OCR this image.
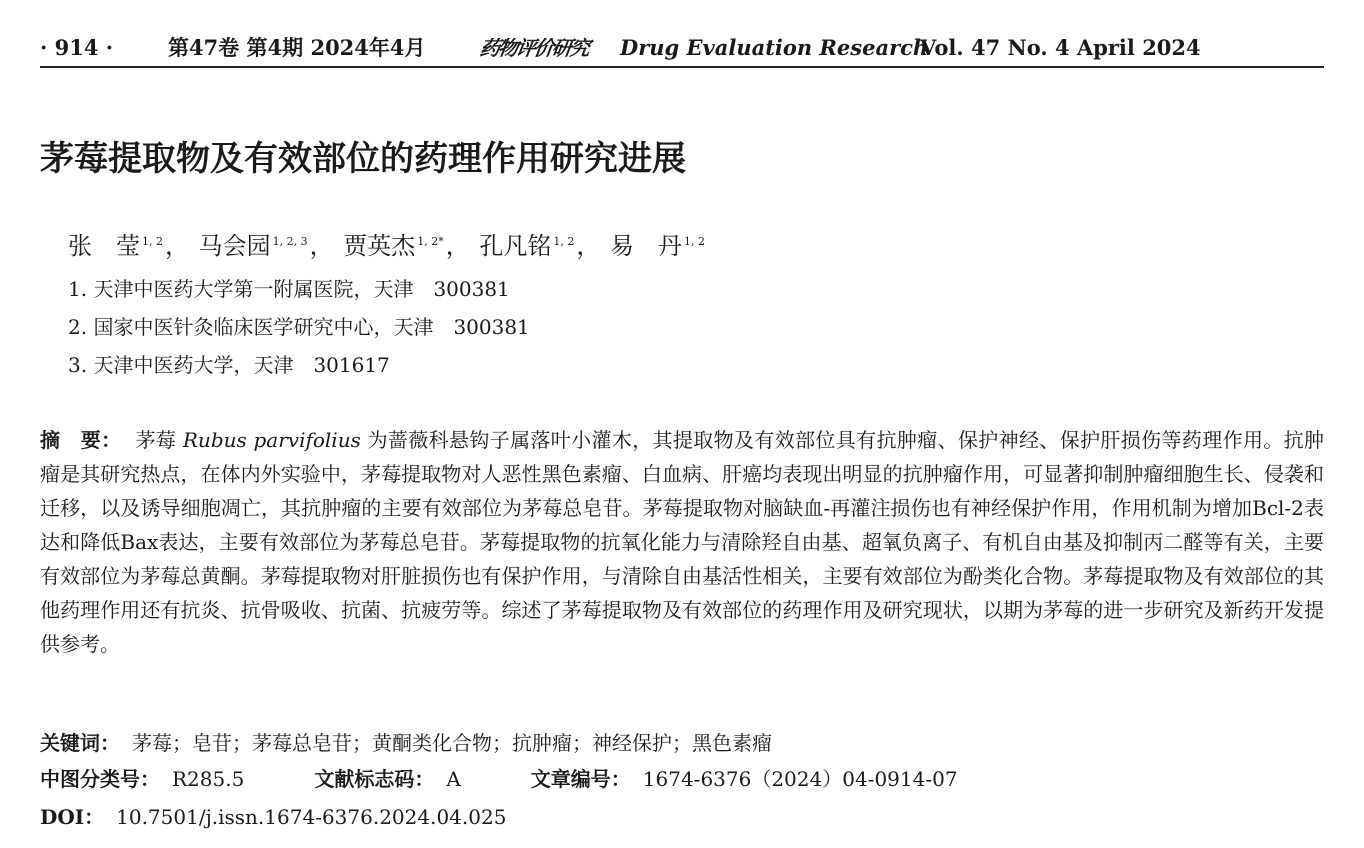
· 914 ·	第47卷 第4期 2024年4月	药物评价研究 Drug Evaluation Research
Vol. 47 No. 4 April 2024
茅莓提取物及有效部位的药理作用研究进展
张　莹 $^{1, 2}$， 马会园 $^{1, 2, 3}$， 贾英杰 $^{1, 2*}$， 孔凡铭 $^{1, 2}$， 易　丹 $^{1, 2}$
1. 天津中医药大学第一附属医院，天津　300381
2. 国家中医针灸临床医学研究中心，天津　300381
3. 天津中医药大学，天津　301617
摘　要： 茅莓 Rubus parvifolius 为蔷薇科悬钩子属落叶小灌木，其提取物及有效部位具有抗肿瘤、保护神经、保护肝损伤等药理作用。抗肿瘤是其研究热点，在体内外实验中，茅莓提取物对人恶性黑色素瘤、白血病、肝癌均表现出明显的抗肿瘤作用，可显著抑制肿瘤细胞生长、侵袭和迁移，以及诱导细胞凋亡，其抗肿瘤的主要有效部位为茅莓总皂苷。茅莓提取物对脑缺血-再灌注损伤也有神经保护作用，作用机制为增加Bcl-2表达和降低Bax表达，主要有效部位为茅莓总皂苷。茅莓提取物的抗氧化能力与清除羟自由基、超氧负离子、有机自由基及抑制丙二醛等有关，主要有效部位为茅莓总黄酮。茅莓提取物对肝脏损伤也有保护作用，与清除自由基活性相关，主要有效部位为酚类化合物。茅莓提取物及有效部位的其他药理作用还有抗炎、抗骨吸收、抗菌、抗疲劳等。综述了茅莓提取物及有效部位的药理作用及研究现状，以期为茅莓的进一步研究及新药开发提供参考。
关键词： 茅莓；皂苷；茅莓总皂苷；黄酮类化合物；抗肿瘤；神经保护；黑色素瘤
中图分类号： R285.5	文献标志码： A	文章编号： 1674-6376（2024）04-0914-07
DOI： 10.7501/j.issn.1674-6376.2024.04.025
